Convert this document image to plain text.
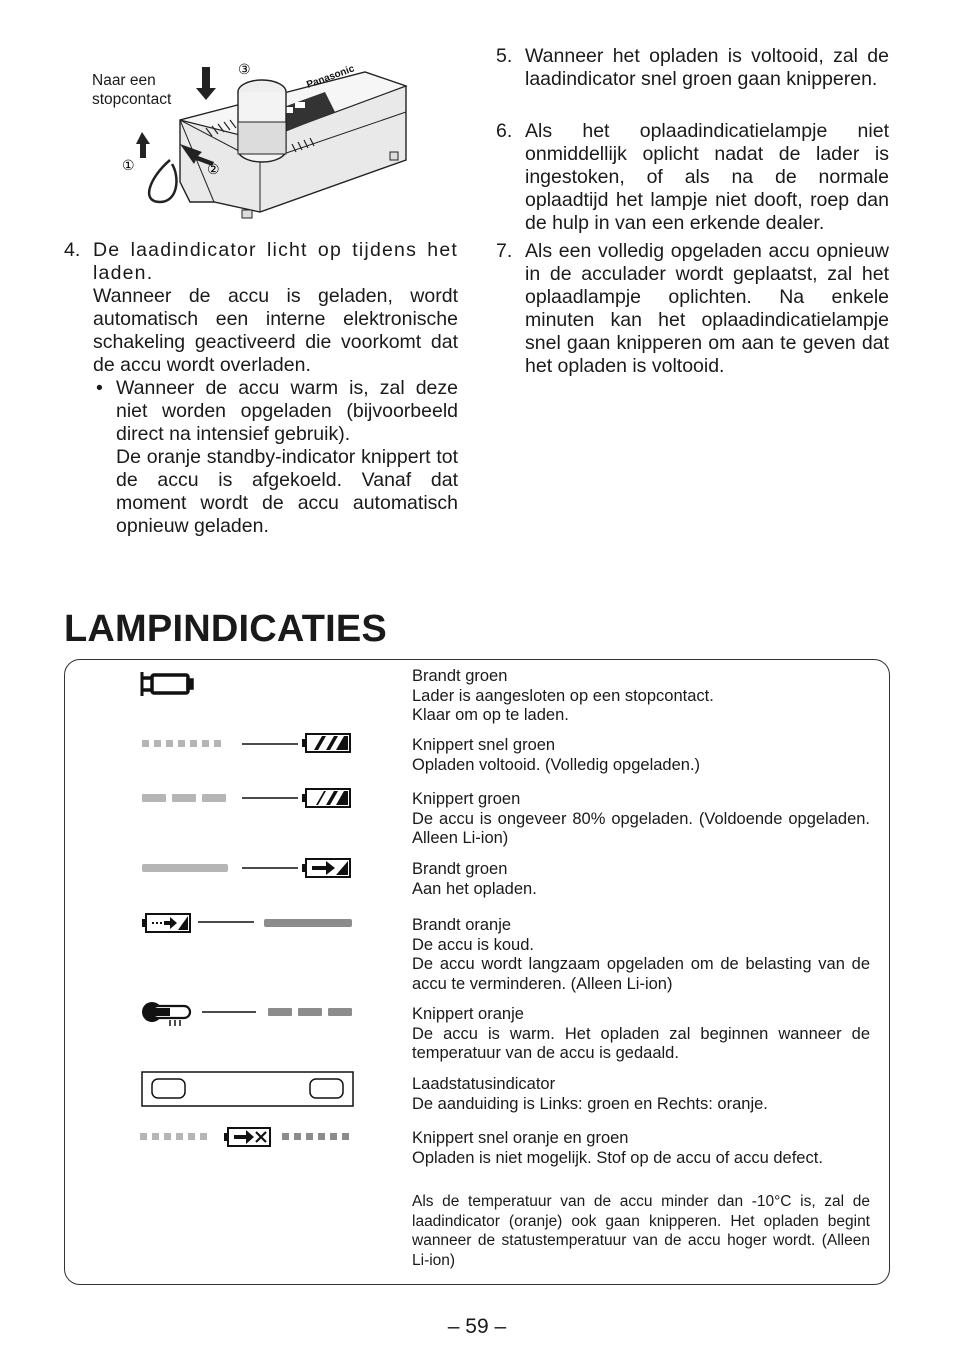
Naar een
stopcontact
Panasonic
③
①	②
4. De laadindicator licht op tijdens het laden.

Wanneer de accu is geladen, wordt automatisch een interne elektronische schakeling geactiveerd die voorkomt dat de accu wordt overladen.

• Wanneer de accu warm is, zal deze niet worden opgeladen (bijvoorbeeld direct na intensief gebruik).

De oranje standby-indicator knippert tot de accu is afgekoeld. Vanaf dat moment wordt de accu automatisch opnieuw geladen.

5. Wanneer het opladen is voltooid, zal de laadindicator snel groen gaan knipperen.

6. Als het oplaadindicatielampje niet onmiddellijk oplicht nadat de lader is ingestoken, of als na de normale oplaadtijd het lampje niet dooft, roep dan de hulp in van een erkende dealer.

7. Als een volledig opgeladen accu opnieuw in de acculader wordt geplaatst, zal het oplaadlampje oplichten. Na enkele minuten kan het oplaadindicatielampje snel gaan knipperen om aan te geven dat het opladen is voltooid.

LAMPINDICATIES
Brandt groen
Lader is aangesloten op een stopcontact.
Klaar om op te laden.
Knippert snel groen
Opladen voltooid. (Volledig opgeladen.)
Knippert groen
De accu is ongeveer 80% opgeladen. (Voldoende opgeladen. Alleen Li-ion)
Brandt groen
Aan het opladen.
Brandt oranje
De accu is koud.
De accu wordt langzaam opgeladen om de belasting van de accu te verminderen. (Alleen Li-ion)
Knippert oranje
De accu is warm. Het opladen zal beginnen wanneer de temperatuur van de accu is gedaald.
Laadstatusindicator
De aanduiding is Links: groen en Rechts: oranje.
Knippert snel oranje en groen
Opladen is niet mogelijk. Stof op de accu of accu defect.
Als de temperatuur van de accu minder dan -10°C is, zal de laadindicator (oranje) ook gaan knipperen. Het opladen begint wanneer de statustemperatuur van de accu hoger wordt. (Alleen Li-ion)
– 59 –
